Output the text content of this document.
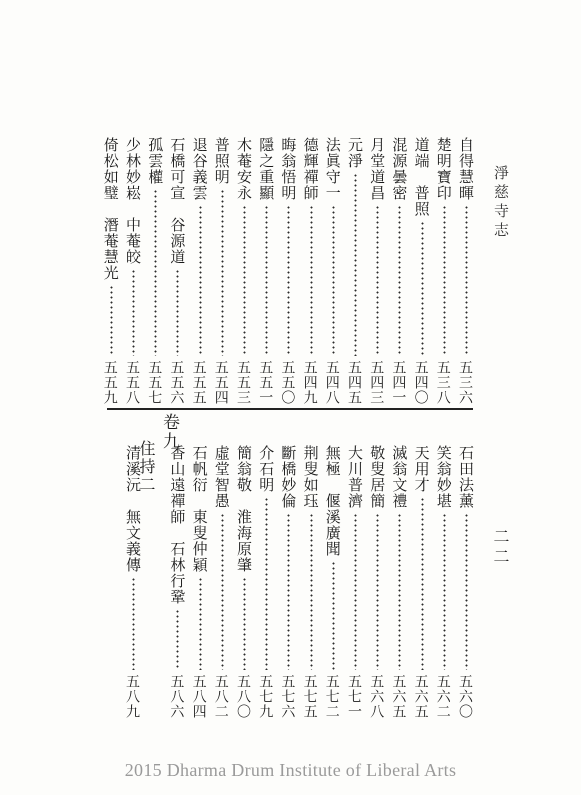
淨慈寺志
二二
自得慧暉
五三六
楚明寶印
五三八
道端　普照
五四〇
混源曇密
五四一
月堂道昌
五四三
元淨
五四五
法眞守一
五四八
德輝禪師
五四九
晦翁悟明
五五〇
隱之重顯
五五一
木菴安永
五五三
普照明
五五四
退谷義雲
五五五
石橋可宣　谷源道
五五六
孤雲權
五五七
少林妙崧　中菴皎
五五八
倚松如璧　潛菴慧光
五五九
卷九
住持二	石田法薰
五六〇
笑翁妙堪
五六二
天用才
五六五
滅翁文禮
五六五
敬叟居簡
五六八
大川普濟
五七一
無極　偃溪廣聞
五七二
荆叟如珏
五七五
斷橋妙倫
五七六
介石明
五七九
簡翁敬　淮海原肇
五八〇
虛堂智愚
五八二
石帆衍　東叟仲穎
五八四
香山遠禪師　石林行鞏
五八六
清溪沅　無文義傳
五八九
2015 Dharma Drum Institute of Liberal Arts
